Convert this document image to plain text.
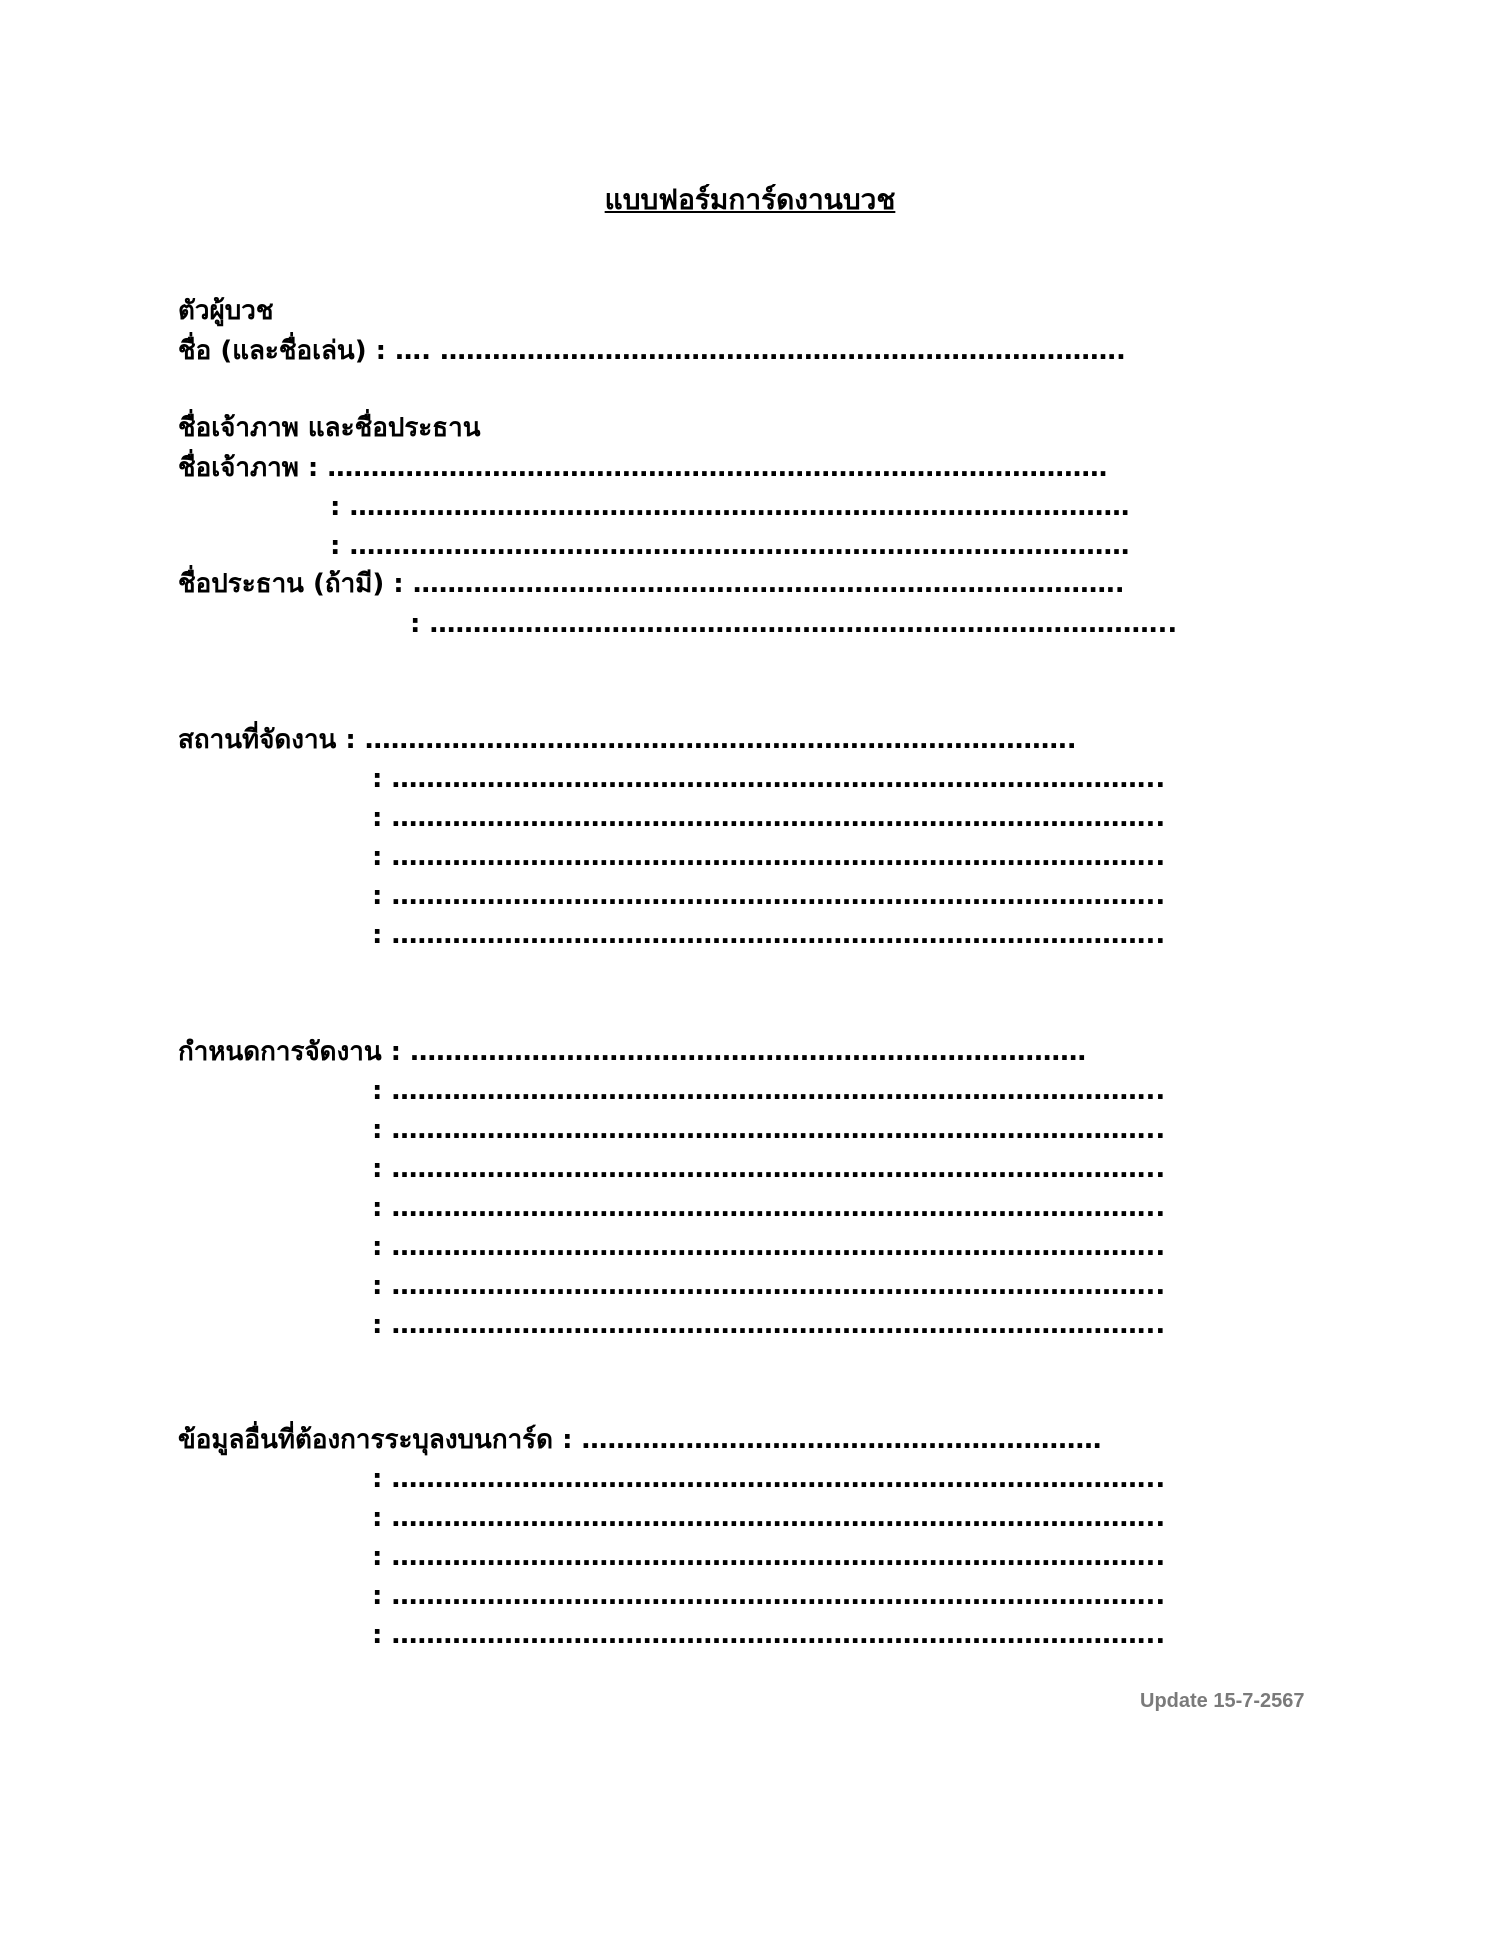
แบบฟอร์มการ์ดงานบวช
ตัวผู้บวช
ชื่อ (และชื่อเล่น) : …. …………………………………………………………………….
ชื่อเจ้าภาพ และชื่อประธาน
ชื่อเจ้าภาพ : ………………………………………………………………………………
: ………………………………………………………………………………
: ………………………………………………………………………………
ชื่อประธาน (ถ้ามี) : ……………………………………………………………………….
: …………………………………………………………………………..
สถานที่จัดงาน : ……………………………………………………………………….
: ……………………………………………………………………………..
: ……………………………………………………………………………..
: ……………………………………………………………………………..
: ……………………………………………………………………………..
: ……………………………………………………………………………..
กำหนดการจัดงาน : ……………………………………………………………………
: ……………………………………………………………………………..
: ……………………………………………………………………………..
: ……………………………………………………………………………..
: ……………………………………………………………………………..
: ……………………………………………………………………………..
: ……………………………………………………………………………..
: ……………………………………………………………………………..
ข้อมูลอื่นที่ต้องการระบุลงบนการ์ด : ……………………………………………………
: ……………………………………………………………………………..
: ……………………………………………………………………………..
: ……………………………………………………………………………..
: ……………………………………………………………………………..
: ……………………………………………………………………………..
Update 15-7-2567
